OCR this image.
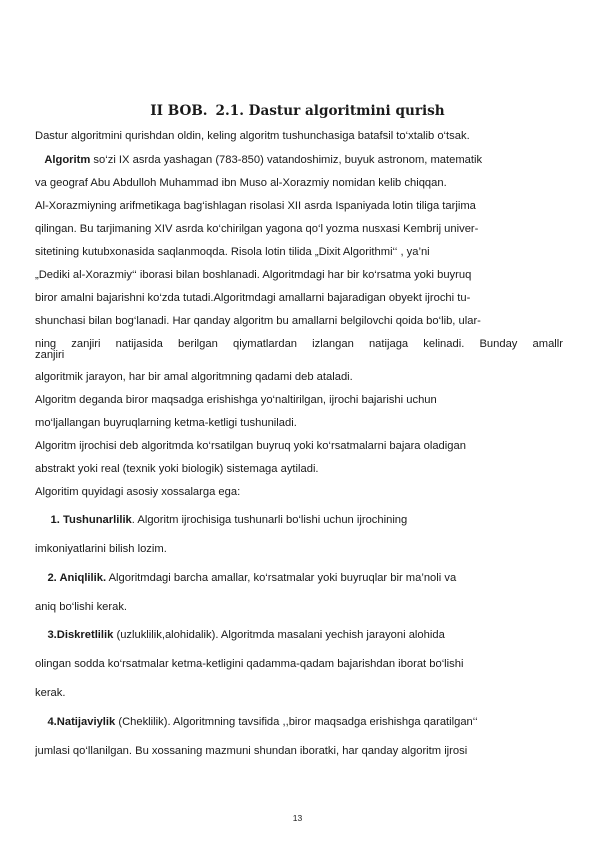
II BOB. 2.1. Dastur algoritmini qurish
Dastur algoritmini qurishdan oldin, keling algoritm tushunchasiga batafsil to‘xtalib o‘tsak.
Algoritm so‘zi IX asrda yashagan (783-850) vatandoshimiz, buyuk astronom, matematik
va geograf Abu Abdulloh Muhammad ibn Muso al-Xorazmiy nomidan kelib chiqqan.
Al-Xorazmiyning arifmetikaga bag‘ishlagan risolasi XII asrda Ispaniyada lotin tiliga tarjima
qilingan. Bu tarjimaning XIV asrda ko‘chirilgan yagona qo‘l yozma nusxasi Kembrij univer-
sitetining kutubxonasida saqlanmoqda. Risola lotin tilida „Dixit Algorithmi‘‘ , ya’ni
„Dediki al-Xorazmiy‘‘ iborasi bilan boshlanadi. Algoritmdagi har bir ko‘rsatma yoki buyruq
biror amalni bajarishni ko‘zda tutadi.Algoritmdagi amallarni bajaradigan obyekt ijrochi tu-
shunchasi bilan bog‘lanadi. Har qanday algoritm bu amallarni belgilovchi qoida bo‘lib, ular-
ning zanjiri natijasida berilgan qiymatlardan izlangan natijaga kelinadi. Bunday amallr
zanjiri
algoritmik jarayon, har bir amal algoritmning qadami deb ataladi.
Algoritm deganda biror maqsadga erishishga yo‘naltirilgan, ijrochi bajarishi uchun
mo‘ljallangan buyruqlarning ketma-ketligi tushuniladi.
Algoritm ijrochisi deb algoritmda ko‘rsatilgan buyruq yoki ko‘rsatmalarni bajara oladigan
abstrakt yoki real (texnik yoki biologik) sistemaga aytiladi.
Algoritim quyidagi asosiy xossalarga ega:
1. Tushunarlilik. Algoritm ijrochisiga tushunarli bo‘lishi uchun ijrochining
imkoniyatlarini bilish lozim.
2. Aniqlilik. Algoritmdagi barcha amallar, ko‘rsatmalar yoki buyruqlar bir ma’noli va
aniq bo‘lishi kerak.
3.Diskretlilik (uzluklilik,alohidalik). Algoritmda masalani yechish jarayoni alohida
olingan sodda ko‘rsatmalar ketma-ketligini qadamma-qadam bajarishdan iborat bo‘lishi
kerak.
4.Natijaviylik (Cheklilik). Algoritmning tavsifida ,,biror maqsadga erishishga qaratilgan‘‘
jumlasi qo‘llanilgan. Bu xossaning mazmuni shundan iboratki, har qanday algoritm ijrosi
13
